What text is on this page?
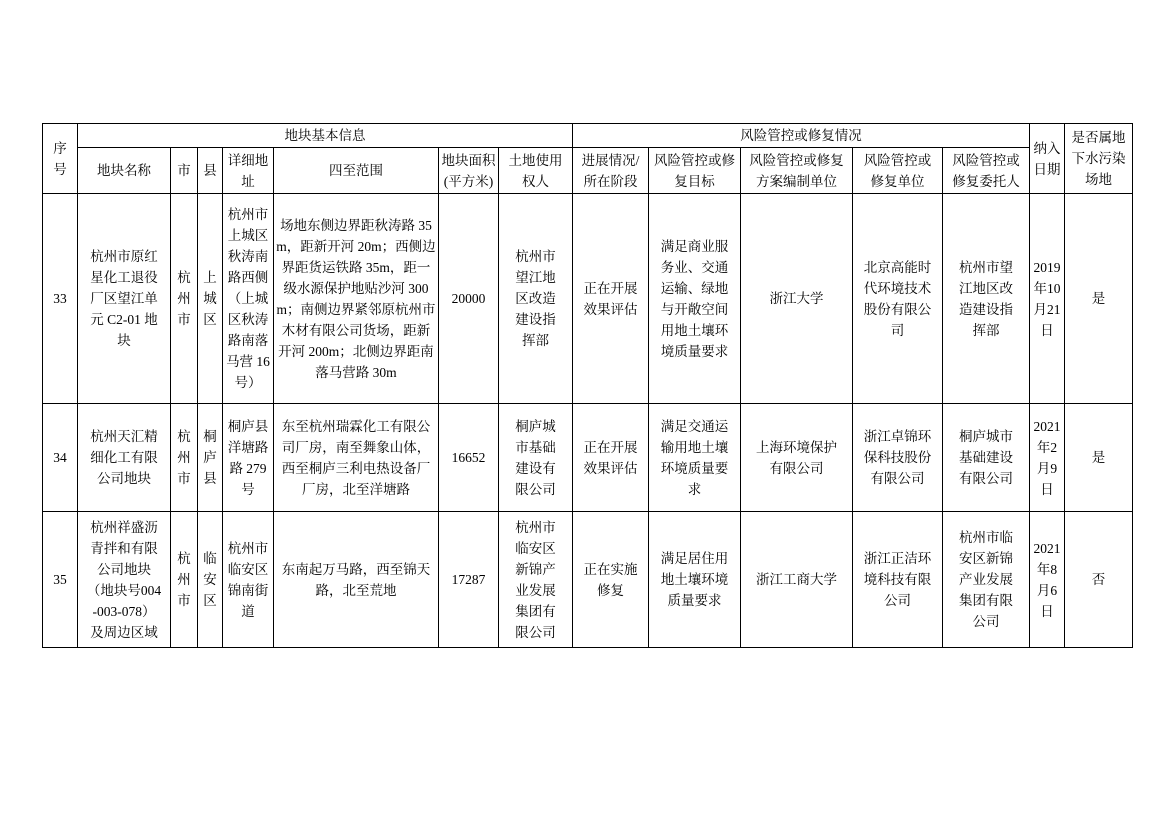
序号	地块基本信息							风险管控或修复情况					纳入日期	是否属地下水污染场地
	地块名称	市	县	详细地址	四至范围	地块面积(平方米)	土地使用权人	进展情况/所在阶段	风险管控或修复目标	风险管控或修复方案编制单位	风险管控或修复单位	风险管控或修复委托人		
33	杭州市原红星化工退役厂区望江单元 C2-01 地块	杭州市	上城区	杭州市上城区秋涛南路西侧（上城区秋涛路南落马营 16 号）	场地东侧边界距秋涛路 35m，距新开河 20m；西侧边界距货运铁路 35m，距一级水源保护地贴沙河 300m；南侧边界紧邻原杭州市木材有限公司货场，距新开河 200m；北侧边界距南落马营路 30m	20000	杭州市望江地区改造建设指挥部	正在开展效果评估	满足商业服务业、交通运输、绿地与开敞空间用地土壤环境质量要求	浙江大学	北京高能时代环境技术股份有限公司	杭州市望江地区改造建设指挥部	2019年10月21日	是
34	杭州天汇精细化工有限公司地块	杭州市	桐庐县	桐庐县洋塘路路 279 号	东至杭州瑞霖化工有限公司厂房，南至舞象山体，西至桐庐三利电热设备厂厂房，北至洋塘路	16652	桐庐城市基础建设有限公司	正在开展效果评估	满足交通运输用地土壤环境质量要求	上海环境保护有限公司	浙江卓锦环保科技股份有限公司	桐庐城市基础建设有限公司	2021年2月9日	是
35	杭州祥盛沥青拌和有限公司地块（地块号004-003-078）及周边区域	杭州市	临安区	杭州市临安区锦南街道	东南起万马路，西至锦天路，北至荒地	17287	杭州市临安区新锦产业发展集团有限公司	正在实施修复	满足居住用地土壤环境质量要求	浙江工商大学	浙江正洁环境科技有限公司	杭州市临安区新锦产业发展集团有限公司	2021年8月6日	否
